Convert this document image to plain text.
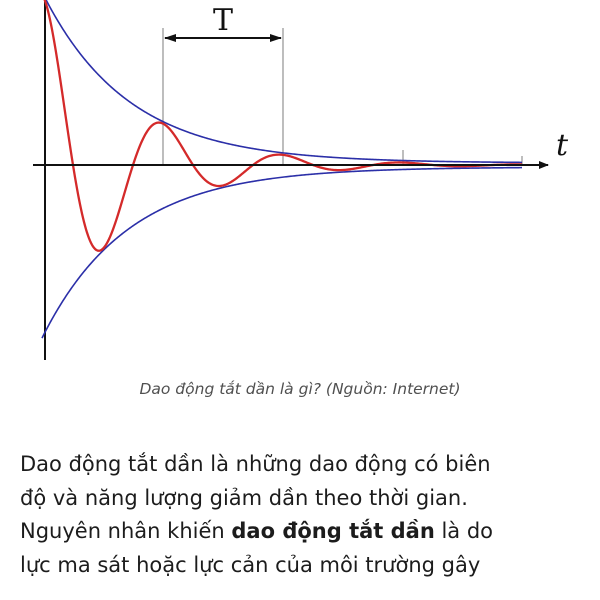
T
t

Dao động tắt dần là gì? (Nguồn: Internet)

Dao động tắt dần là những dao động có biên
độ và năng lượng giảm dần theo thời gian.
Nguyên nhân khiến dao động tắt dần là do
lực ma sát hoặc lực cản của môi trường gây
